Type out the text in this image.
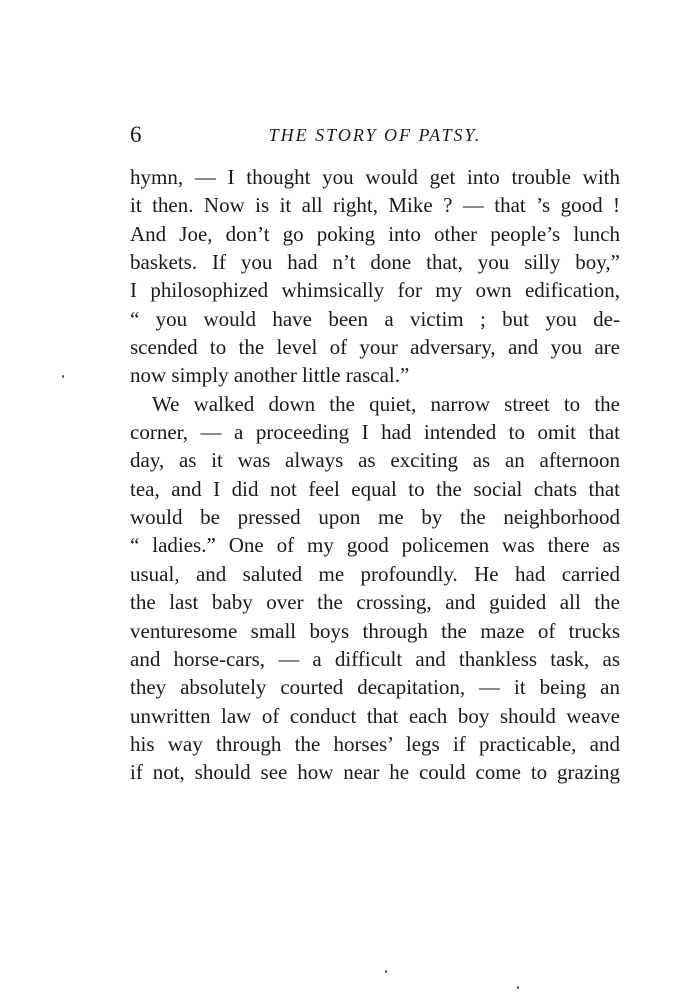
6	THE STORY OF PATSY.
hymn, — I thought you would get into trouble with
it then. Now is it all right, Mike ? — that ’s good !
And Joe, don’t go poking into other people’s lunch
baskets. If you had n’t done that, you silly boy,”
I philosophized whimsically for my own edification,
“ you would have been a victim ; but you de-
scended to the level of your adversary, and you are
now simply another little rascal.”
We walked down the quiet, narrow street to the
corner, — a proceeding I had intended to omit that
day, as it was always as exciting as an afternoon
tea, and I did not feel equal to the social chats that
would be pressed upon me by the neighborhood
“ ladies.” One of my good policemen was there as
usual, and saluted me profoundly. He had carried
the last baby over the crossing, and guided all the
venturesome small boys through the maze of trucks
and horse-cars, — a difficult and thankless task, as
they absolutely courted decapitation, — it being an
unwritten law of conduct that each boy should weave
his way through the horses’ legs if practicable, and
if not, should see how near he could come to grazing
